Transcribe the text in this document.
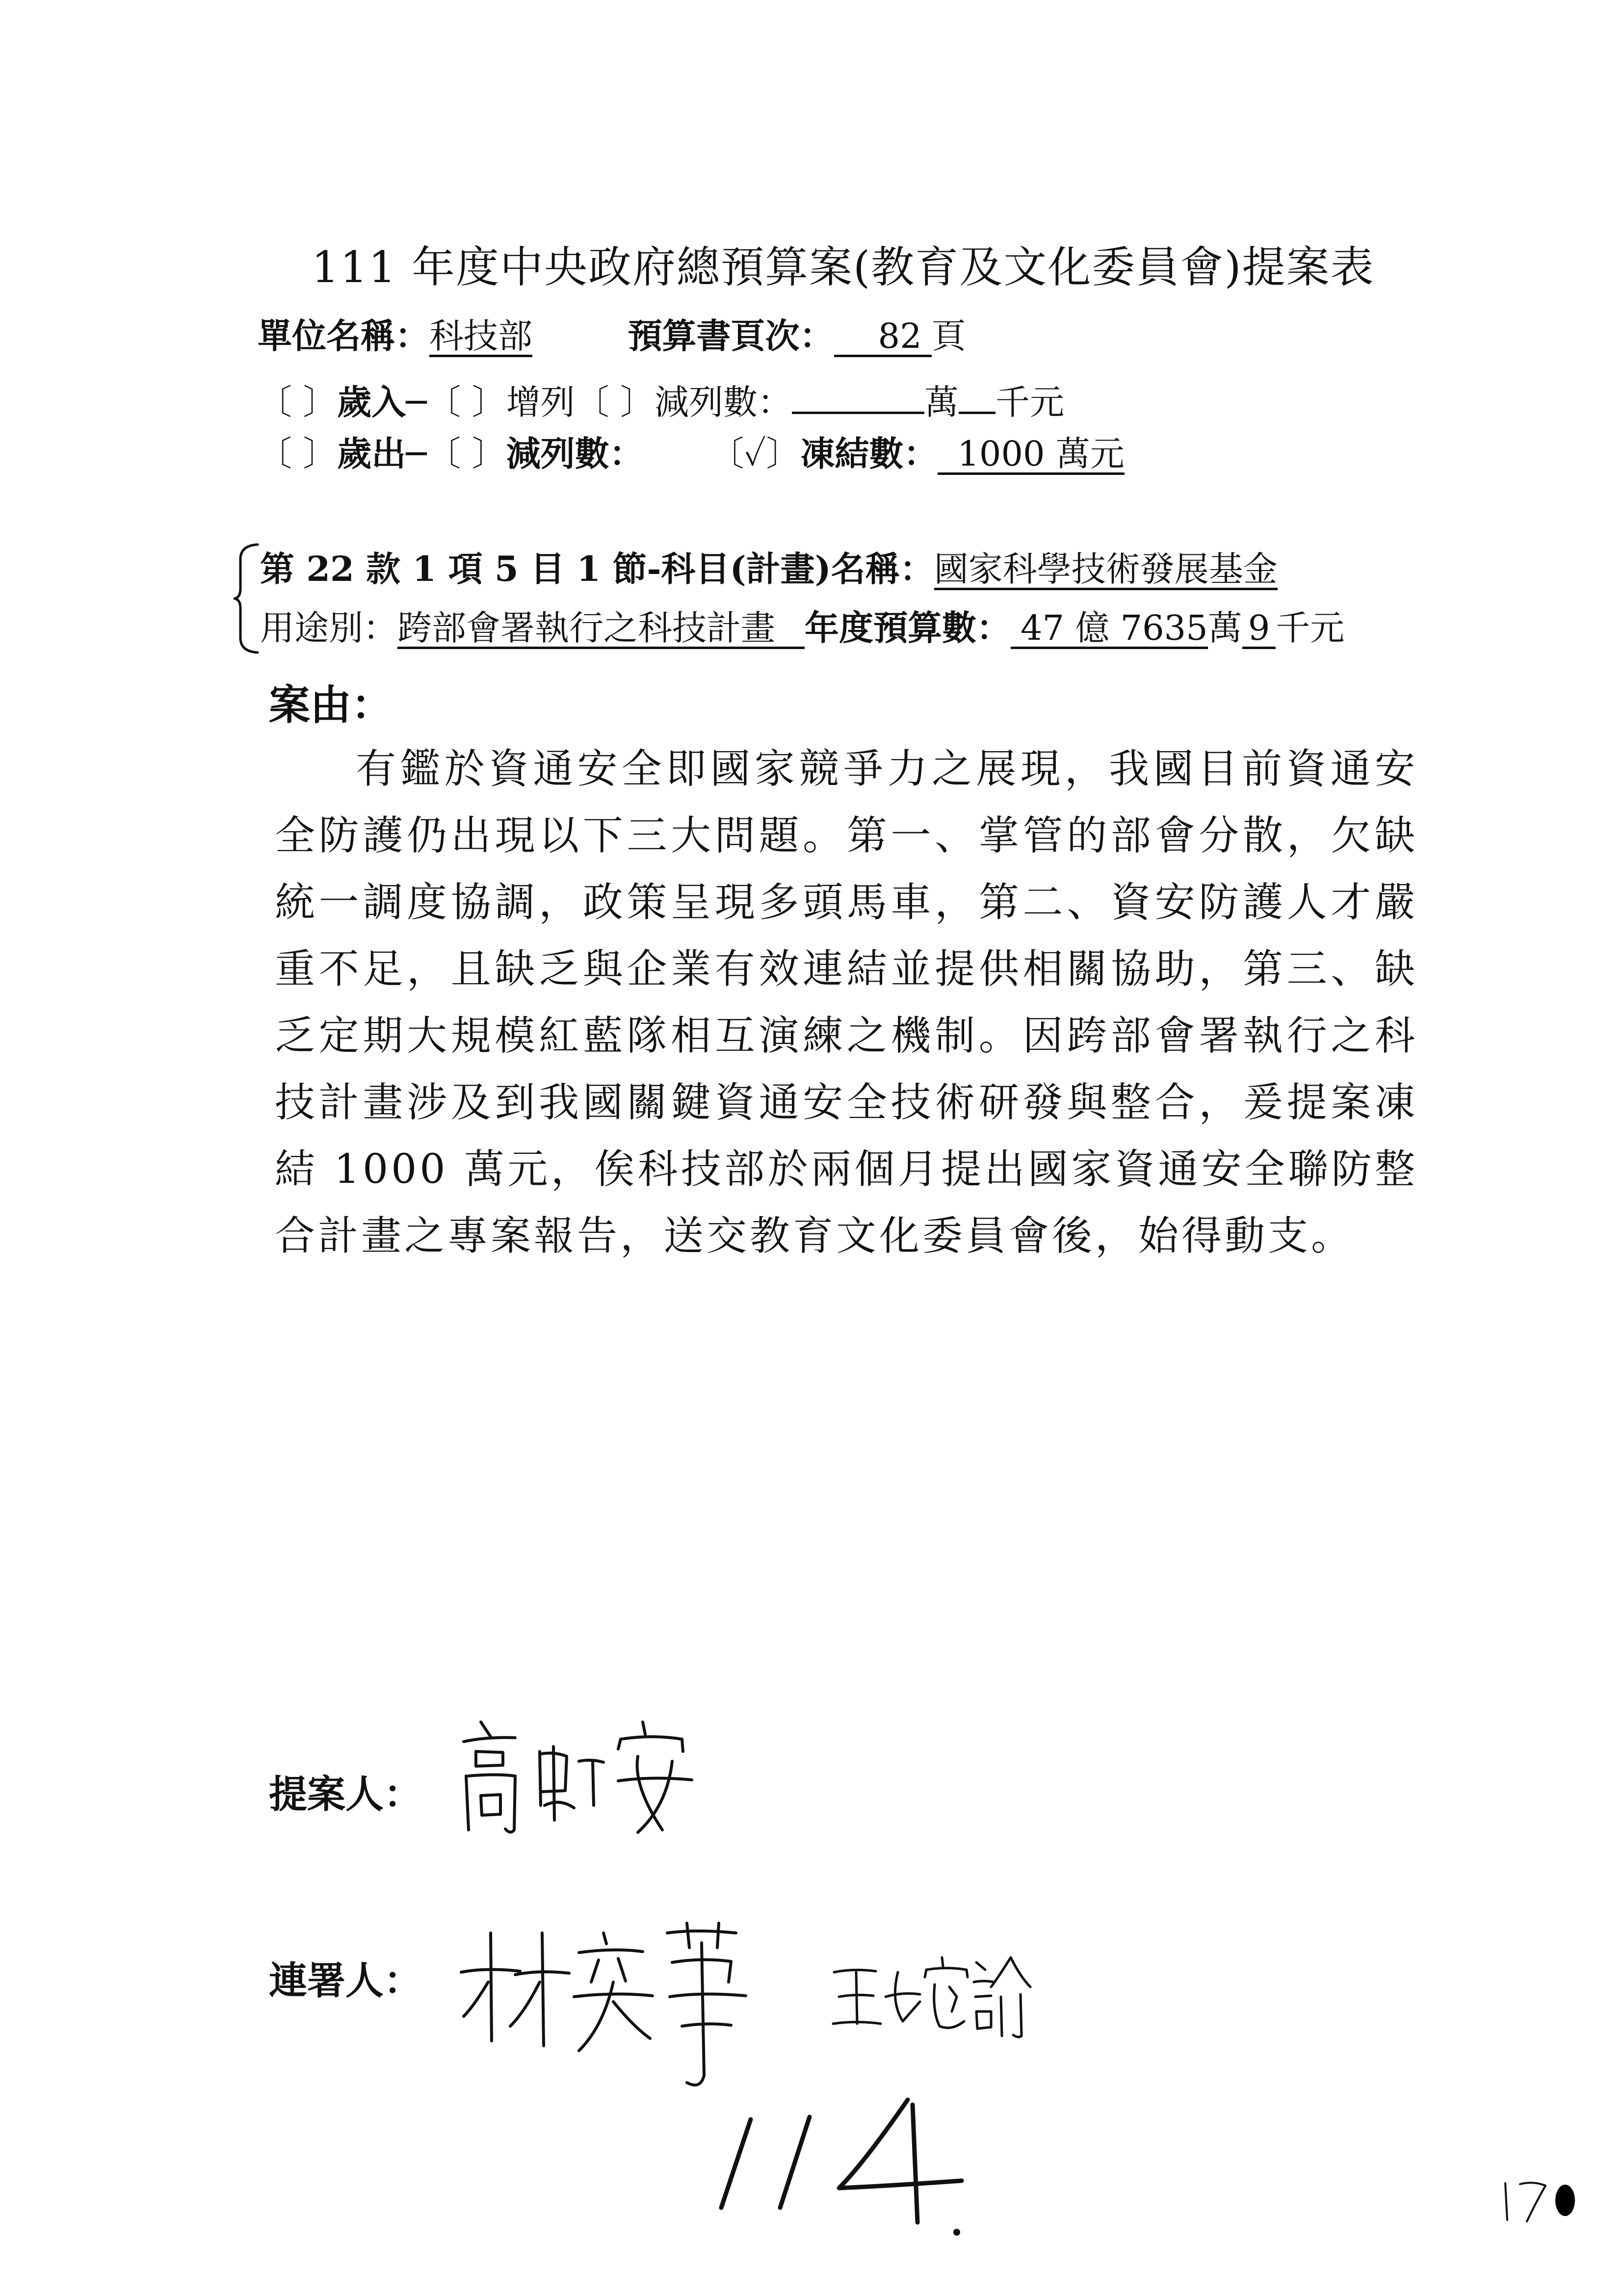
111 年度中央政府總預算案(教育及文化委員會)提案表
單位名稱：科技部	預算書頁次： 82 頁
〔 〕歲入─〔 〕增列〔 〕減列數：	萬 千元
〔 〕歲出─〔 〕減列數： 〔✓〕凍結數： 1000 萬元
第 22 款 1 項 5 目 1 節-科目(計畫)名稱：國家科學技術發展基金
用途別：跨部會署執行之科技計畫 年度預算數： 47 億 7635萬 9 千元
案由：
有鑑於資通安全即國家競爭力之展現，我國目前資通安全防護仍出現以下三大問題。第一、掌管的部會分散，欠缺統一調度協調，政策呈現多頭馬車，第二、資安防護人才嚴重不足，且缺乏與企業有效連結並提供相關協助，第三、缺乏定期大規模紅藍隊相互演練之機制。因跨部會署執行之科技計畫涉及到我國關鍵資通安全技術研發與整合，爰提案凍結 1000 萬元，俟科技部於兩個月提出國家資通安全聯防整合計畫之專案報告，送交教育文化委員會後，始得動支。
提案人：
連署人：
